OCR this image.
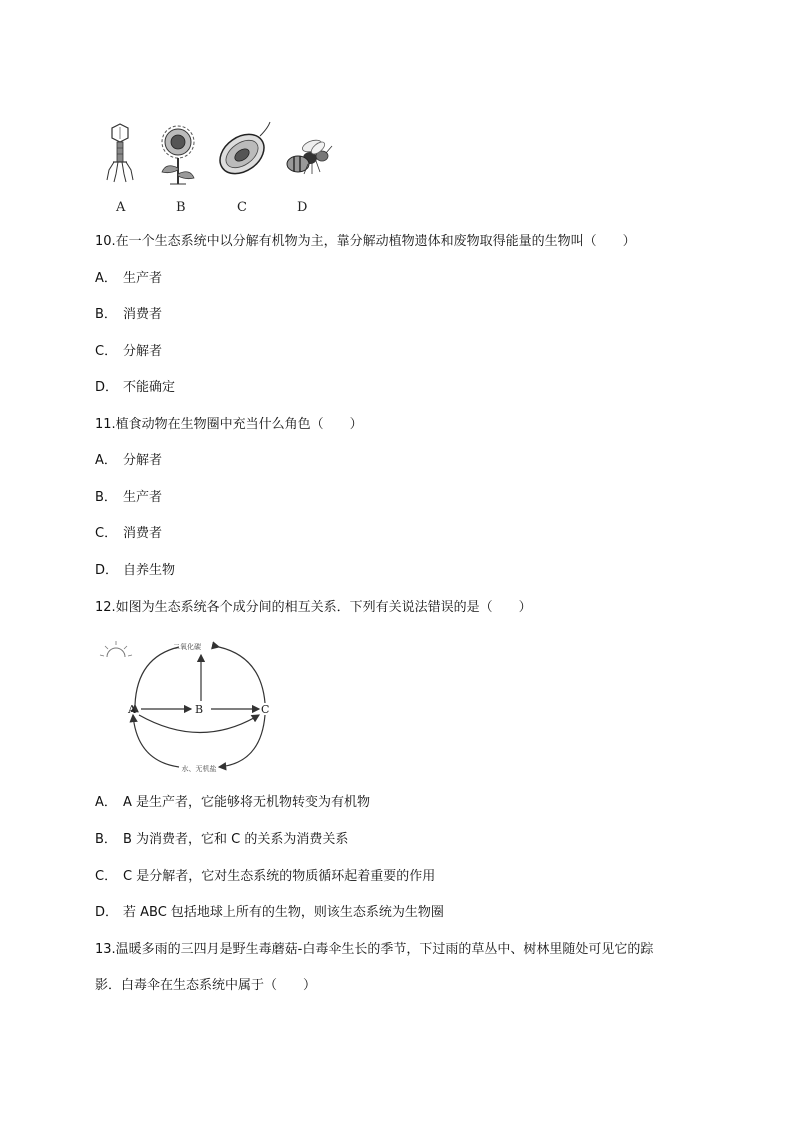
A	B	C	D
10.在一个生态系统中以分解有机物为主，靠分解动植物遗体和废物取得能量的生物叫（　　）
A． 生产者
B． 消费者
C． 分解者
D． 不能确定
11.植食动物在生物圈中充当什么角色（　　）
A． 分解者
B． 生产者
C． 消费者
D． 自养生物
12.如图为生态系统各个成分间的相互关系．下列有关说法错误的是（　　）
二氧化碳
A	B	C
水、无机盐
A． A 是生产者，它能够将无机物转变为有机物
B． B 为消费者，它和 C 的关系为消费关系
C． C 是分解者，它对生态系统的物质循环起着重要的作用
D． 若 ABC 包括地球上所有的生物，则该生态系统为生物圈
13.温暖多雨的三四月是野生毒蘑菇-白毒伞生长的季节，下过雨的草丛中、树林里随处可见它的踪
影．白毒伞在生态系统中属于（　　）
